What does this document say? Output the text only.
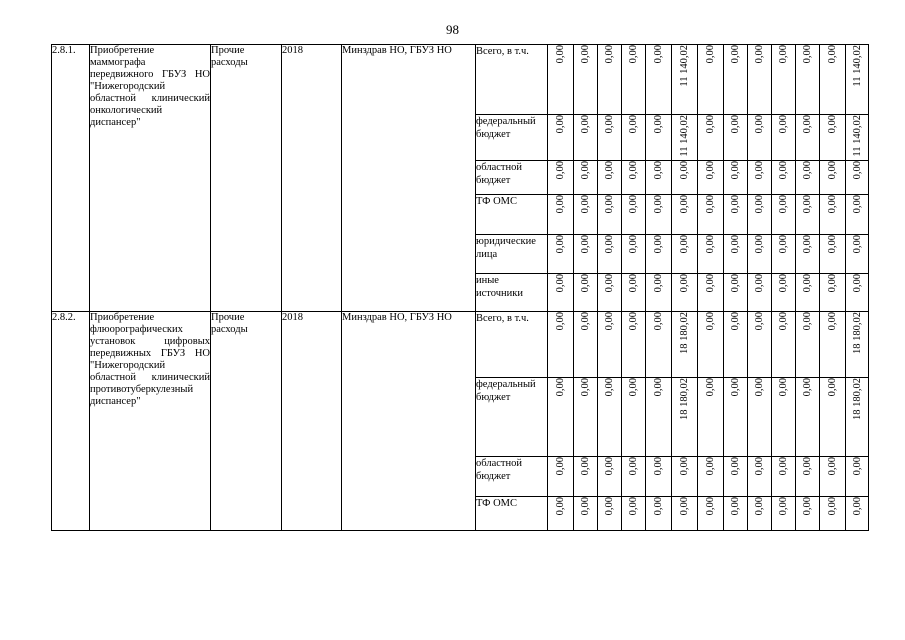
98
2.8.1.	Приобретение маммографа передвижного ГБУЗ НО "Нижегородский областной клинический онкологический диспансер"	Прочие расходы	2018	Минздрав НО, ГБУЗ НО	Всего, в т.ч.	0,00	0,00	0,00	0,00	0,00	11 140,02	0,00	0,00	0,00	0,00	0,00	0,00	11 140,02
					федеральный бюджет	0,00	0,00	0,00	0,00	0,00	11 140,02	0,00	0,00	0,00	0,00	0,00	0,00	11 140,02
					областной бюджет	0,00	0,00	0,00	0,00	0,00	0,00	0,00	0,00	0,00	0,00	0,00	0,00	0,00
					ТФ ОМС	0,00	0,00	0,00	0,00	0,00	0,00	0,00	0,00	0,00	0,00	0,00	0,00	0,00
					юридические лица	0,00	0,00	0,00	0,00	0,00	0,00	0,00	0,00	0,00	0,00	0,00	0,00	0,00
					иные источники	0,00	0,00	0,00	0,00	0,00	0,00	0,00	0,00	0,00	0,00	0,00	0,00	0,00
2.8.2.	Приобретение флюорографических установок цифровых передвижных ГБУЗ НО "Нижегородский областной клинический противотуберкулезный диспансер"	Прочие расходы	2018	Минздрав НО, ГБУЗ НО	Всего, в т.ч.	0,00	0,00	0,00	0,00	0,00	18 180,02	0,00	0,00	0,00	0,00	0,00	0,00	18 180,02
					федеральный бюджет	0,00	0,00	0,00	0,00	0,00	18 180,02	0,00	0,00	0,00	0,00	0,00	0,00	18 180,02
					областной бюджет	0,00	0,00	0,00	0,00	0,00	0,00	0,00	0,00	0,00	0,00	0,00	0,00	0,00
					ТФ ОМС	0,00	0,00	0,00	0,00	0,00	0,00	0,00	0,00	0,00	0,00	0,00	0,00	0,00
